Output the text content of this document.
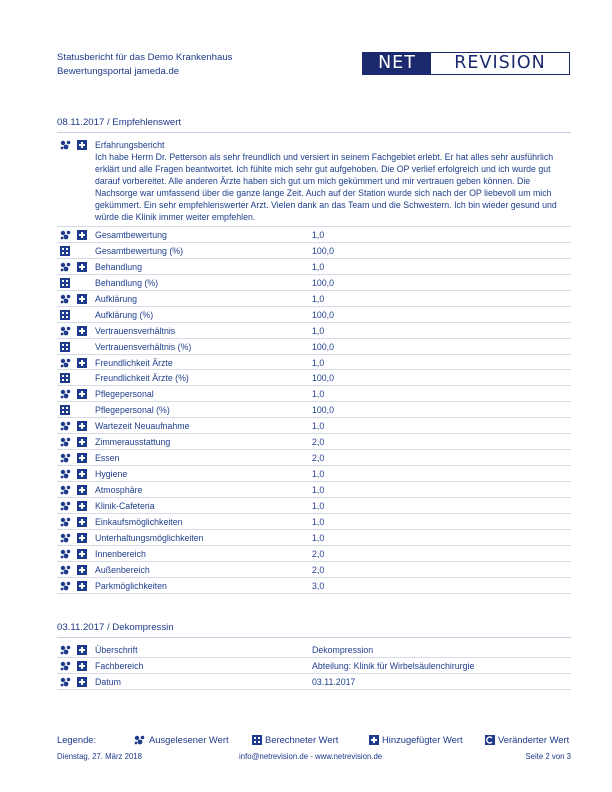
Statusbericht für das Demo Krankenhaus
Bewertungsportal jameda.de	NET	REVISION
08.11.2017 / Empfehlenswert
Erfahrungsbericht
Ich habe Herrn Dr. Petterson als sehr freundlich und versiert in seinem Fachgebiet erlebt. Er hat alles sehr ausführlich erklärt und alle Fragen beantwortet. Ich fühlte mich sehr gut aufgehoben. Die OP verlief erfolgreich und ich wurde gut darauf vorbereitet. Alle anderen Ärzte haben sich gut um mich gekümmert und mir vertrauen geben können. Die Nachsorge war umfassend über die ganze lange Zeit. Auch auf der Station wurde sich nach der OP liebevoll um mich gekümmert. Ein sehr empfehlenswerter Arzt. Vielen dank an das Team und die Schwestern. Ich bin wieder gesund und würde die Klinik immer weiter empfehlen.
Gesamtbewertung	1,0
Gesamtbewertung (%)	100,0
Behandlung	1,0
Behandlung (%)	100,0
Aufklärung	1,0
Aufklärung (%)	100,0
Vertrauensverhältnis	1,0
Vertrauensverhältnis (%)	100,0
Freundlichkeit Ärzte	1,0
Freundlichkeit Ärzte (%)	100,0
Pflegepersonal	1,0
Pflegepersonal (%)	100,0
Wartezeit Neuaufnahme	1,0
Zimmerausstattung	2,0
Essen	2,0
Hygiene	1,0
Atmosphäre	1,0
Klinik-Cafeteria	1,0
Einkaufsmöglichkeiten	1,0
Unterhaltungsmöglichkeiten	1,0
Innenbereich	2,0
Außenbereich	2,0
Parkmöglichkeiten	3,0
03.11.2017 / Dekompressin
Überschrift	Dekompression
Fachbereich	Abteilung: Klinik für Wirbelsäulenchirurgie
Datum	03.11.2017
Legende:	Ausgelesener Wert	Berechneter Wert	Hinzugefügter Wert	Veränderter Wert
Dienstag, 27. März 2018	info@netrevision.de - www.netrevision.de	Seite 2 von 3
